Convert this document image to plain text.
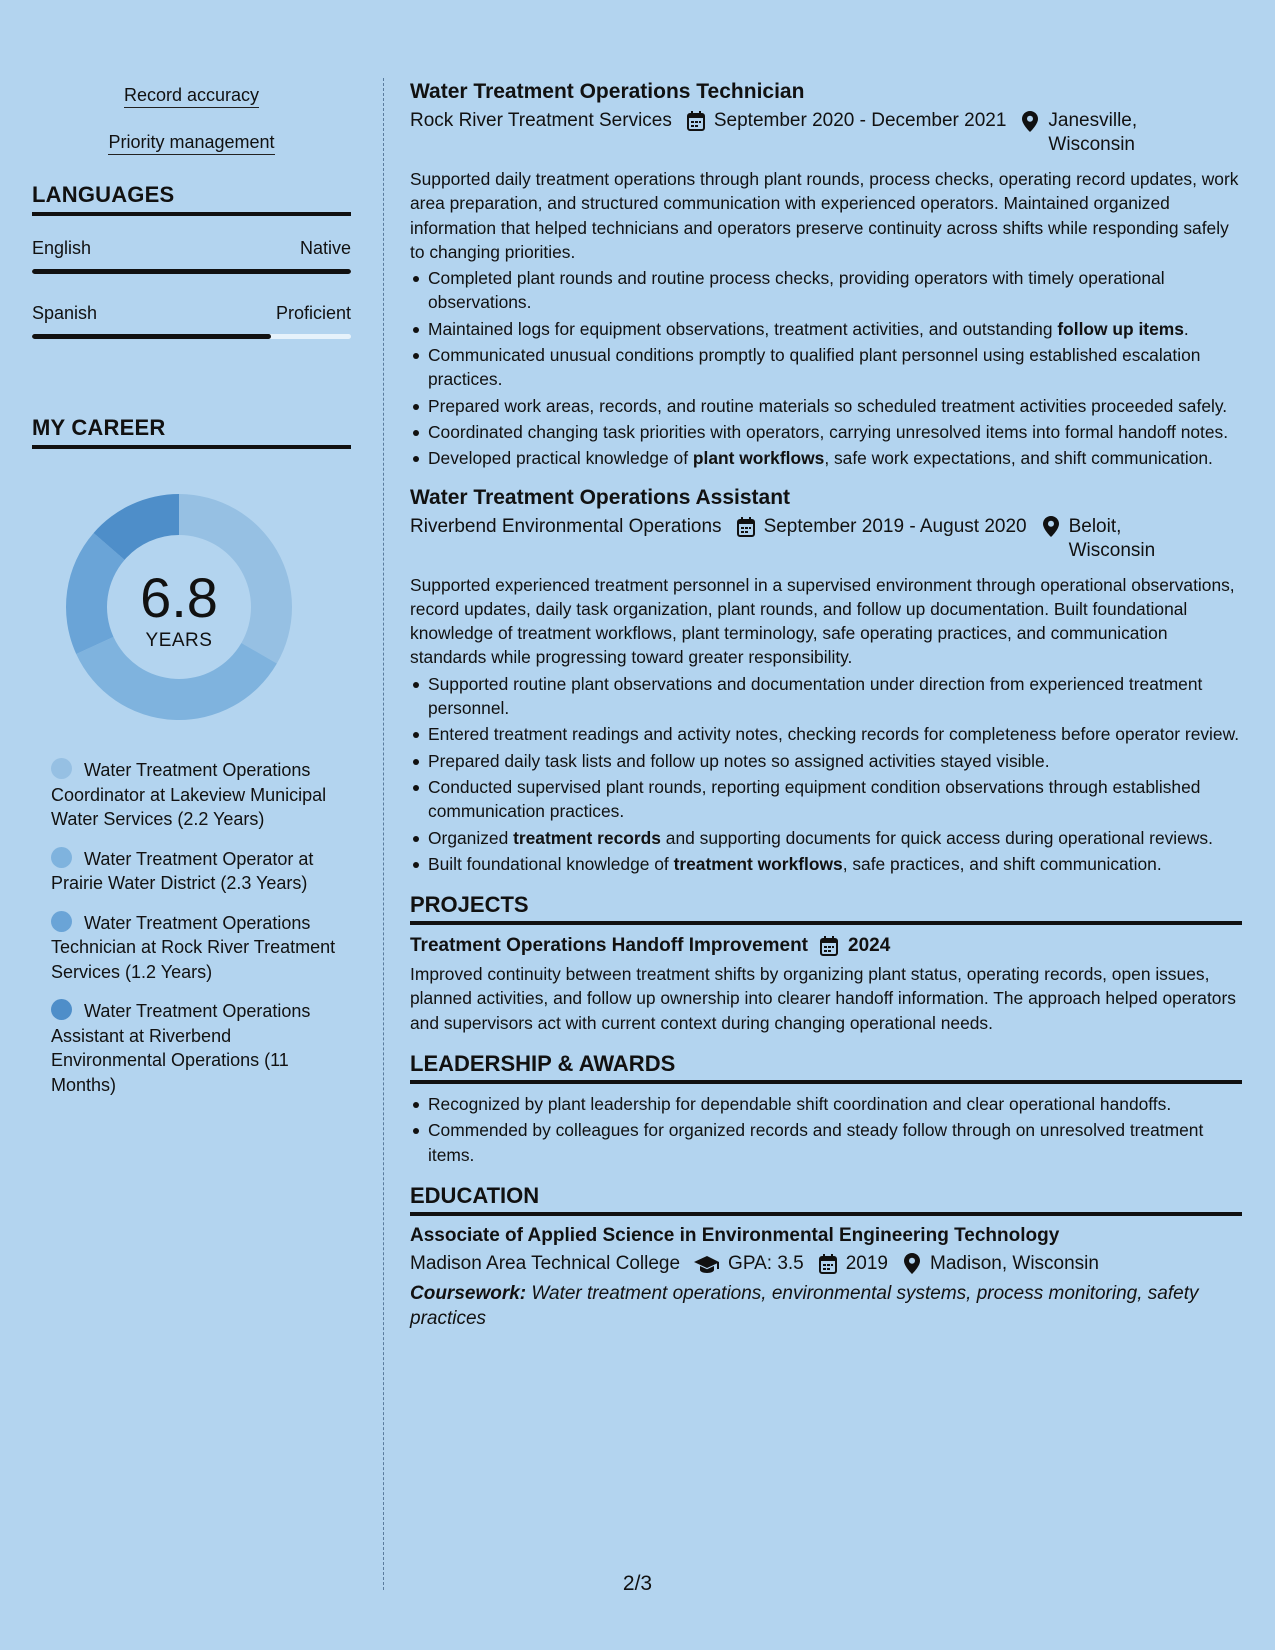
Record accuracy
Priority management
LANGUAGES
English	Native
Spanish	Proficient
MY CAREER
6.8
YEARS
Water Treatment Operations Coordinator at Lakeview Municipal Water Services (2.2 Years)
Water Treatment Operator at Prairie Water District (2.3 Years)
Water Treatment Operations Technician at Rock River Treatment Services (1.2 Years)
Water Treatment Operations Assistant at Riverbend Environmental Operations (11 Months)
Water Treatment Operations Technician
Rock River Treatment Services September 2020 - December 2021 Janesville,
Wisconsin
Supported daily treatment operations through plant rounds, process checks, operating record updates, work area preparation, and structured communication with experienced operators. Maintained organized information that helped technicians and operators preserve continuity across shifts while responding safely to changing priorities.
Completed plant rounds and routine process checks, providing operators with timely operational observations.
Maintained logs for equipment observations, treatment activities, and outstanding follow up items.
Communicated unusual conditions promptly to qualified plant personnel using established escalation practices.
Prepared work areas, records, and routine materials so scheduled treatment activities proceeded safely.
Coordinated changing task priorities with operators, carrying unresolved items into formal handoff notes.
Developed practical knowledge of plant workflows, safe work expectations, and shift communication.
Water Treatment Operations Assistant
Riverbend Environmental Operations September 2019 - August 2020 Beloit,
Wisconsin
Supported experienced treatment personnel in a supervised environment through operational observations, record updates, daily task organization, plant rounds, and follow up documentation. Built foundational knowledge of treatment workflows, plant terminology, safe operating practices, and communication standards while progressing toward greater responsibility.
Supported routine plant observations and documentation under direction from experienced treatment personnel.
Entered treatment readings and activity notes, checking records for completeness before operator review.
Prepared daily task lists and follow up notes so assigned activities stayed visible.
Conducted supervised plant rounds, reporting equipment condition observations through established communication practices.
Organized treatment records and supporting documents for quick access during operational reviews.
Built foundational knowledge of treatment workflows, safe practices, and shift communication.
PROJECTS
Treatment Operations Handoff Improvement 2024
Improved continuity between treatment shifts by organizing plant status, operating records, open issues, planned activities, and follow up ownership into clearer handoff information. The approach helped operators and supervisors act with current context during changing operational needs.
LEADERSHIP & AWARDS
Recognized by plant leadership for dependable shift coordination and clear operational handoffs.
Commended by colleagues for organized records and steady follow through on unresolved treatment items.
EDUCATION
Associate of Applied Science in Environmental Engineering Technology
Madison Area Technical College	GPA: 3.5 2019 Madison, Wisconsin
Coursework: Water treatment operations, environmental systems, process monitoring, safety practices
2/3
